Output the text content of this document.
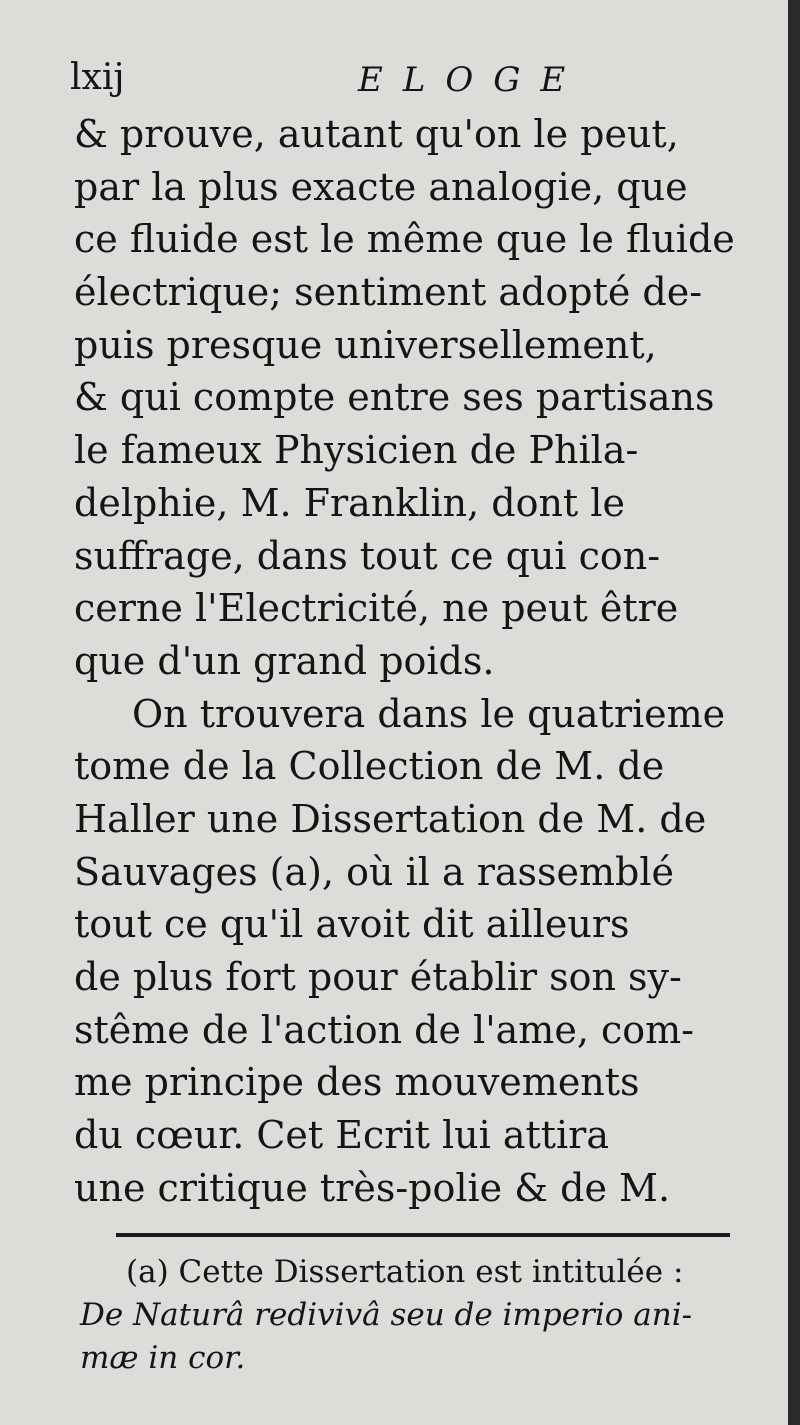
lxij	ELOGE
& prouve, autant qu'on le peut,
par la plus exacte analogie, que
ce fluide est le même que le fluide
électrique; sentiment adopté de-
puis presque universellement,
& qui compte entre ses partisans
le fameux Physicien de Phila-
delphie, M. Franklin, dont le
suffrage, dans tout ce qui con-
cerne l'Electricité, ne peut être
que d'un grand poids.
On trouvera dans le quatrieme
tome de la Collection de M. de
Haller une Dissertation de M. de
Sauvages (a), où il a rassemblé
tout ce qu'il avoit dit ailleurs
de plus fort pour établir son sy-
stême de l'action de l'ame, com-
me principe des mouvements
du cœur. Cet Ecrit lui attira
une critique très-polie & de M.
(a) Cette Dissertation est intitulée :
De Naturâ redivivâ seu de imperio ani-
mæ in cor.
